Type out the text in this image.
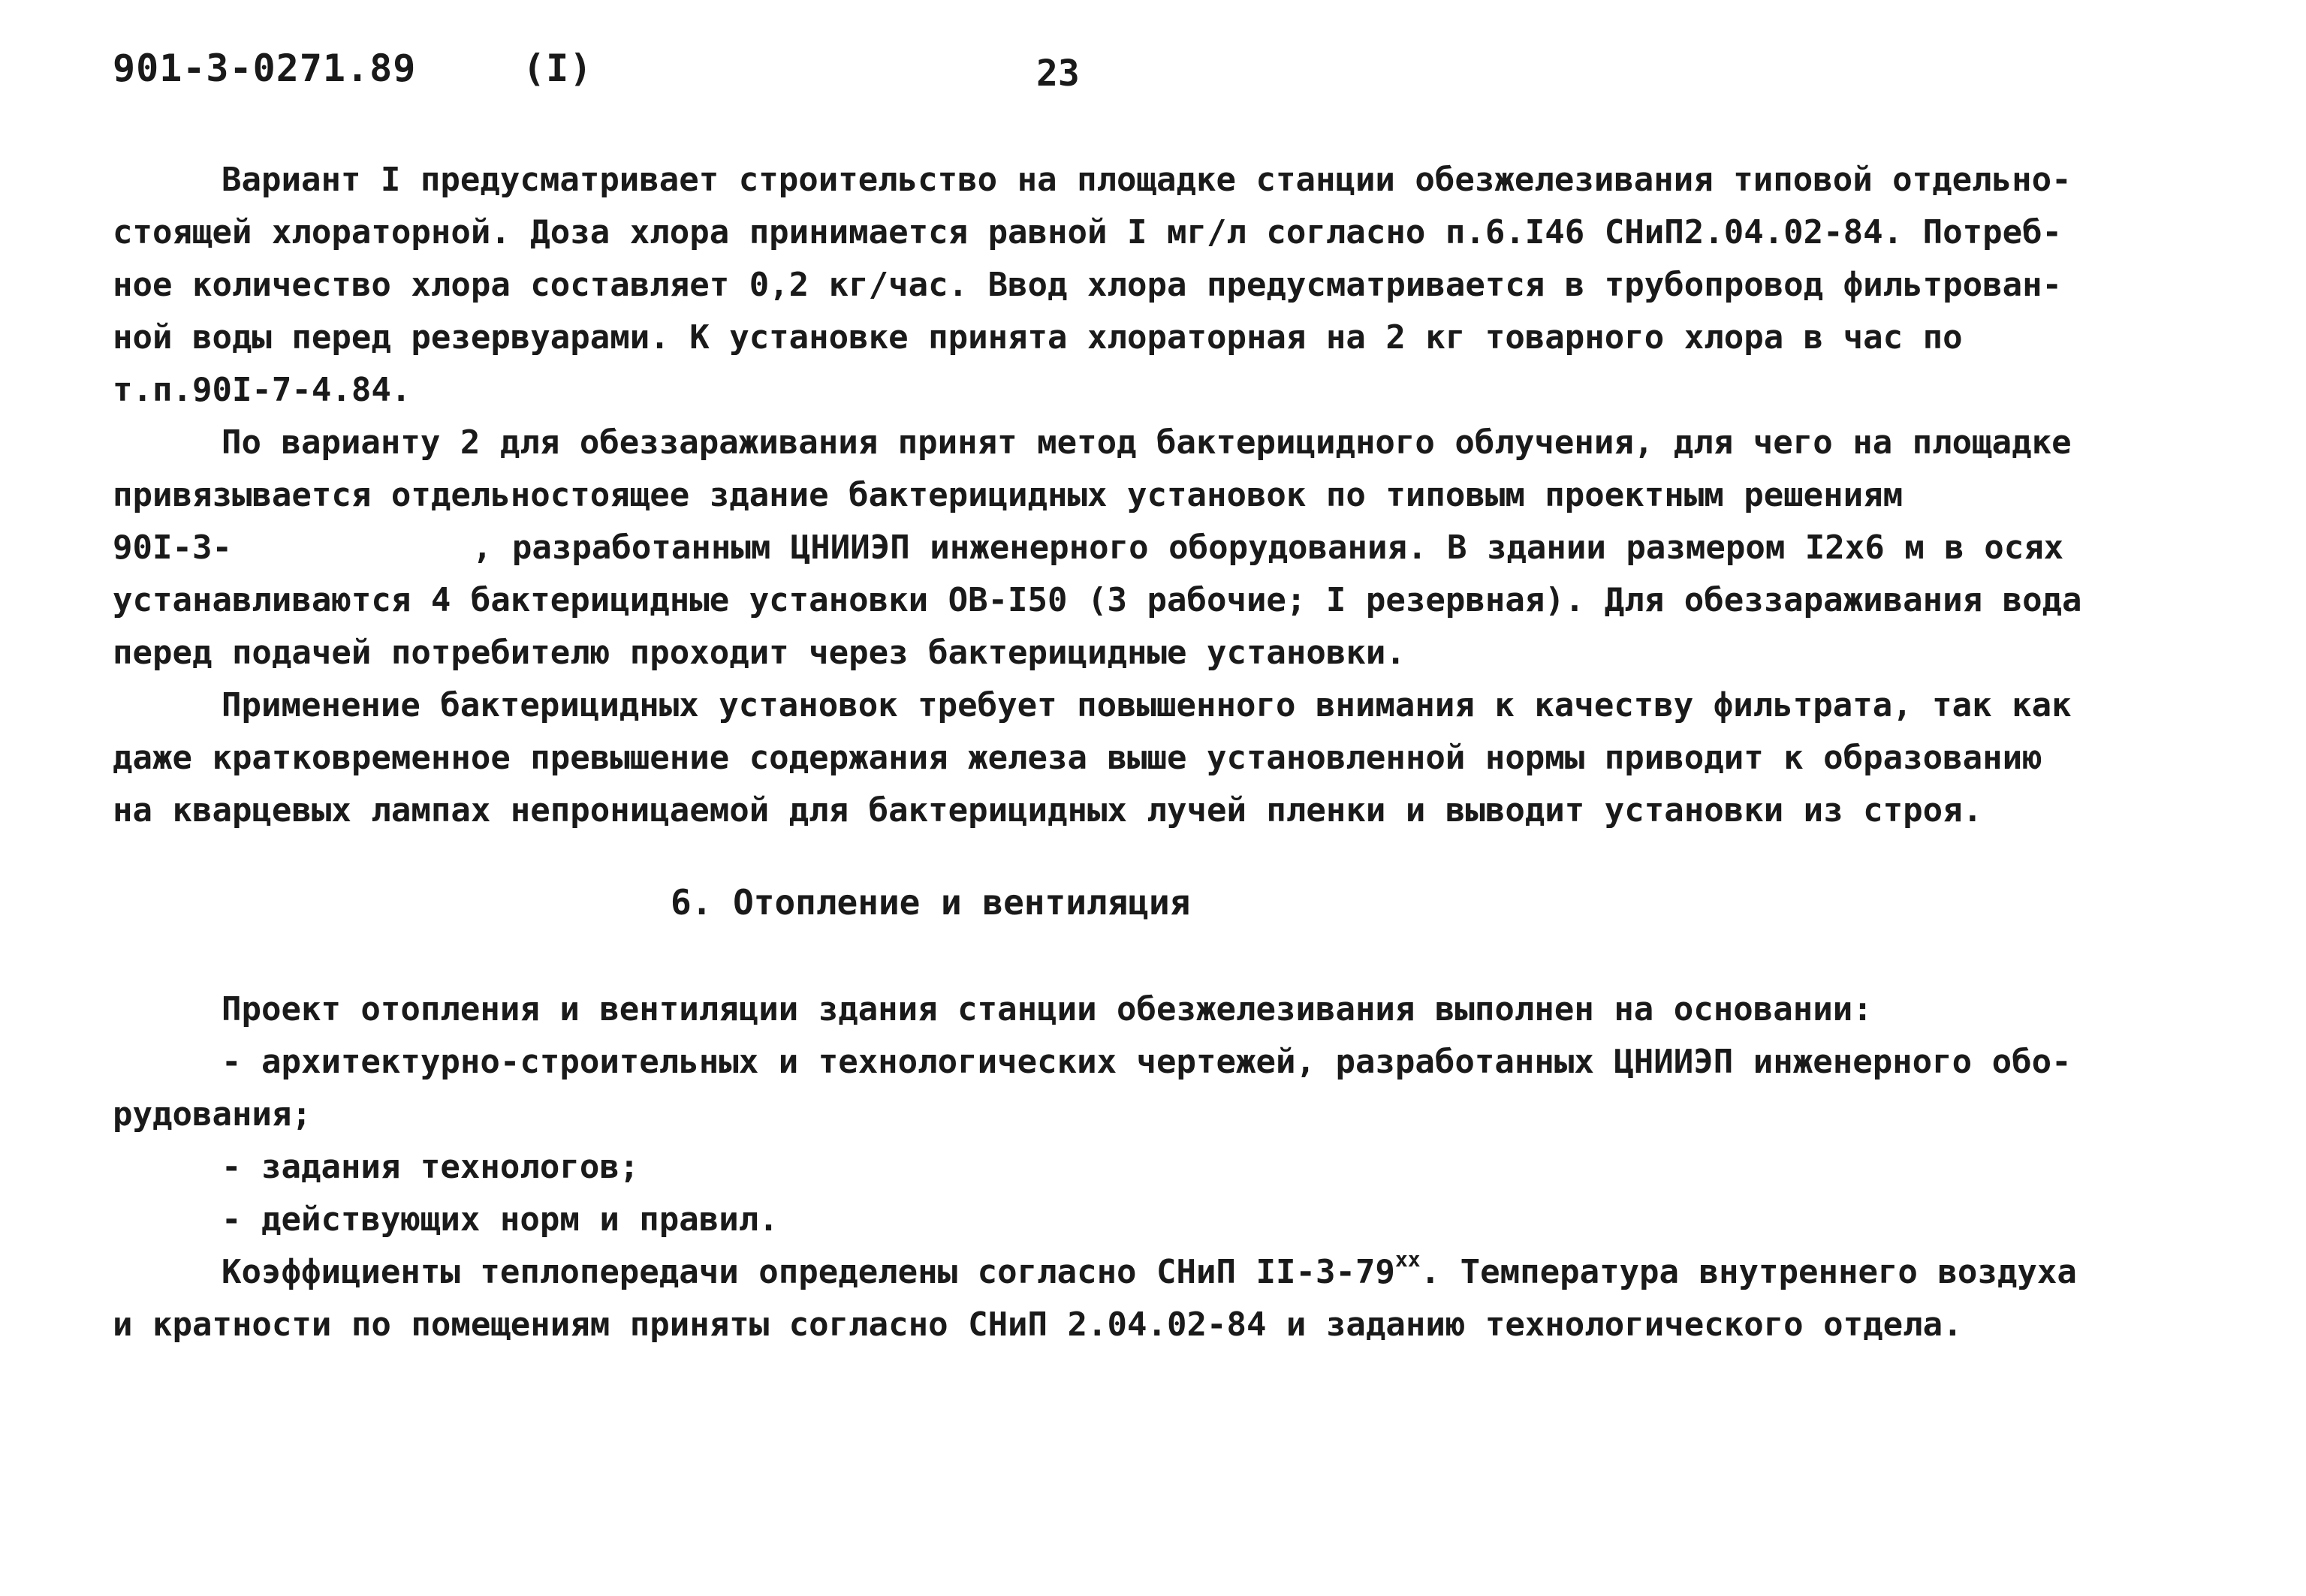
901-3-0271.89	(I)	23
Вариант I предусматривает строительство на площадке станции обезжелезивания типовой отдельно-
стоящей хлораторной. Доза хлора принимается равной I мг/л согласно п.6.I46 СНиП2.04.02-84. Потреб-
ное количество хлора составляет 0,2 кг/час. Ввод хлора предусматривается в трубопровод фильтрован-
ной воды перед резервуарами. К установке принята хлораторная на 2 кг товарного хлора в час по
т.п.90I-7-4.84.
По варианту 2 для обеззараживания принят метод бактерицидного облучения, для чего на площадке
привязывается отдельностоящее здание бактерицидных установок по типовым проектным решениям
90I-3-	, разработанным ЦНИИЭП инженерного оборудования. В здании размером I2х6 м в осях
устанавливаются 4 бактерицидные установки ОВ-I50 (3 рабочие; I резервная). Для обеззараживания вода
перед подачей потребителю проходит через бактерицидные установки.
Применение бактерицидных установок требует повышенного внимания к качеству фильтрата, так как
даже кратковременное превышение содержания железа выше установленной нормы приводит к образованию
на кварцевых лампах непроницаемой для бактерицидных лучей пленки и выводит установки из строя.
6. Отопление и вентиляция
Проект отопления и вентиляции здания станции обезжелезивания выполнен на основании:
- архитектурно-строительных и технологических чертежей, разработанных ЦНИИЭП инженерного обо-
рудования;
- задания технологов;
- действующих норм и правил.
Коэффициенты теплопередачи определены согласно СНиП $II-3-79^{хх}$. Температура внутреннего воздуха
и кратности по помещениям приняты согласно СНиП 2.04.02-84 и заданию технологического отдела.
